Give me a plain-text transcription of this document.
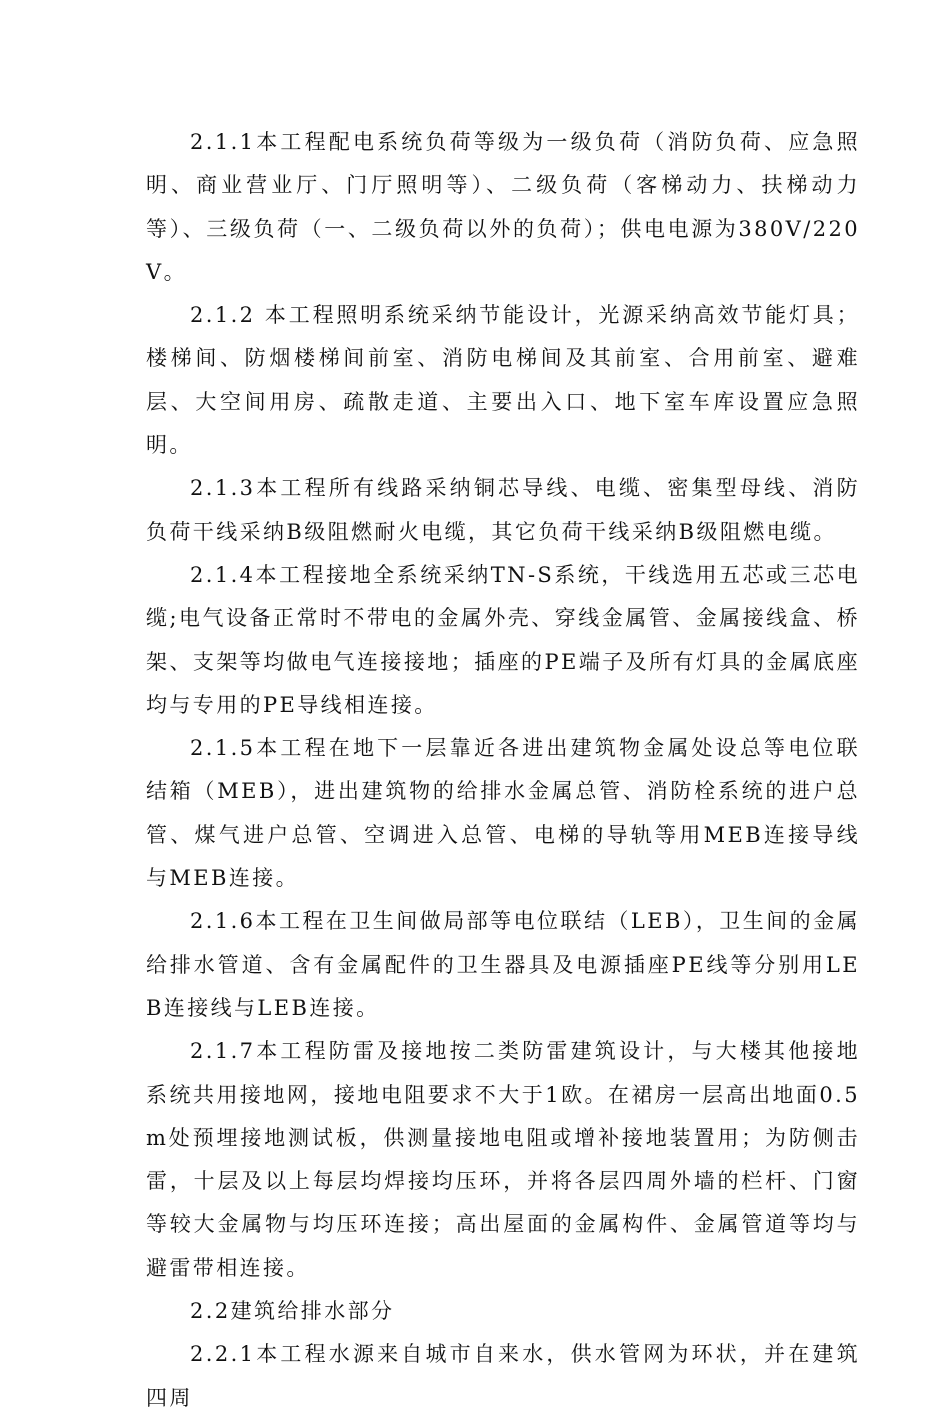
2.1.1本工程配电系统负荷等级为一级负荷（消防负荷、应急照明、商业营业厅、门厅照明等）、二级负荷（客梯动力、扶梯动力等）、三级负荷（一、二级负荷以外的负荷）；供电电源为380V/220V。

2.1.2 本工程照明系统采纳节能设计，光源采纳高效节能灯具；楼梯间、防烟楼梯间前室、消防电梯间及其前室、合用前室、避难层、大空间用房、疏散走道、主要出入口、地下室车库设置应急照明。

2.1.3本工程所有线路采纳铜芯导线、电缆、密集型母线、消防负荷干线采纳B级阻燃耐火电缆，其它负荷干线采纳B级阻燃电缆。

2.1.4本工程接地全系统采纳TN-S系统，干线选用五芯或三芯电缆;电气设备正常时不带电的金属外壳、穿线金属管、金属接线盒、桥架、支架等均做电气连接接地；插座的PE端子及所有灯具的金属底座均与专用的PE导线相连接。

2.1.5本工程在地下一层靠近各进出建筑物金属处设总等电位联结箱（MEB），进出建筑物的给排水金属总管、消防栓系统的进户总管、煤气进户总管、空调进入总管、电梯的导轨等用MEB连接导线与MEB连接。

2.1.6本工程在卫生间做局部等电位联结（LEB），卫生间的金属给排水管道、含有金属配件的卫生器具及电源插座PE线等分别用LEB连接线与LEB连接。

2.1.7本工程防雷及接地按二类防雷建筑设计，与大楼其他接地系统共用接地网，接地电阻要求不大于1欧。在裙房一层高出地面0.5m处预埋接地测试板，供测量接地电阻或增补接地装置用；为防侧击雷，十层及以上每层均焊接均压环，并将各层四周外墙的栏杆、门窗等较大金属物与均压环连接；高出屋面的金属构件、金属管道等均与避雷带相连接。

2.2建筑给排水部分

2.2.1本工程水源来自城市自来水，供水管网为环状，并在建筑四周
